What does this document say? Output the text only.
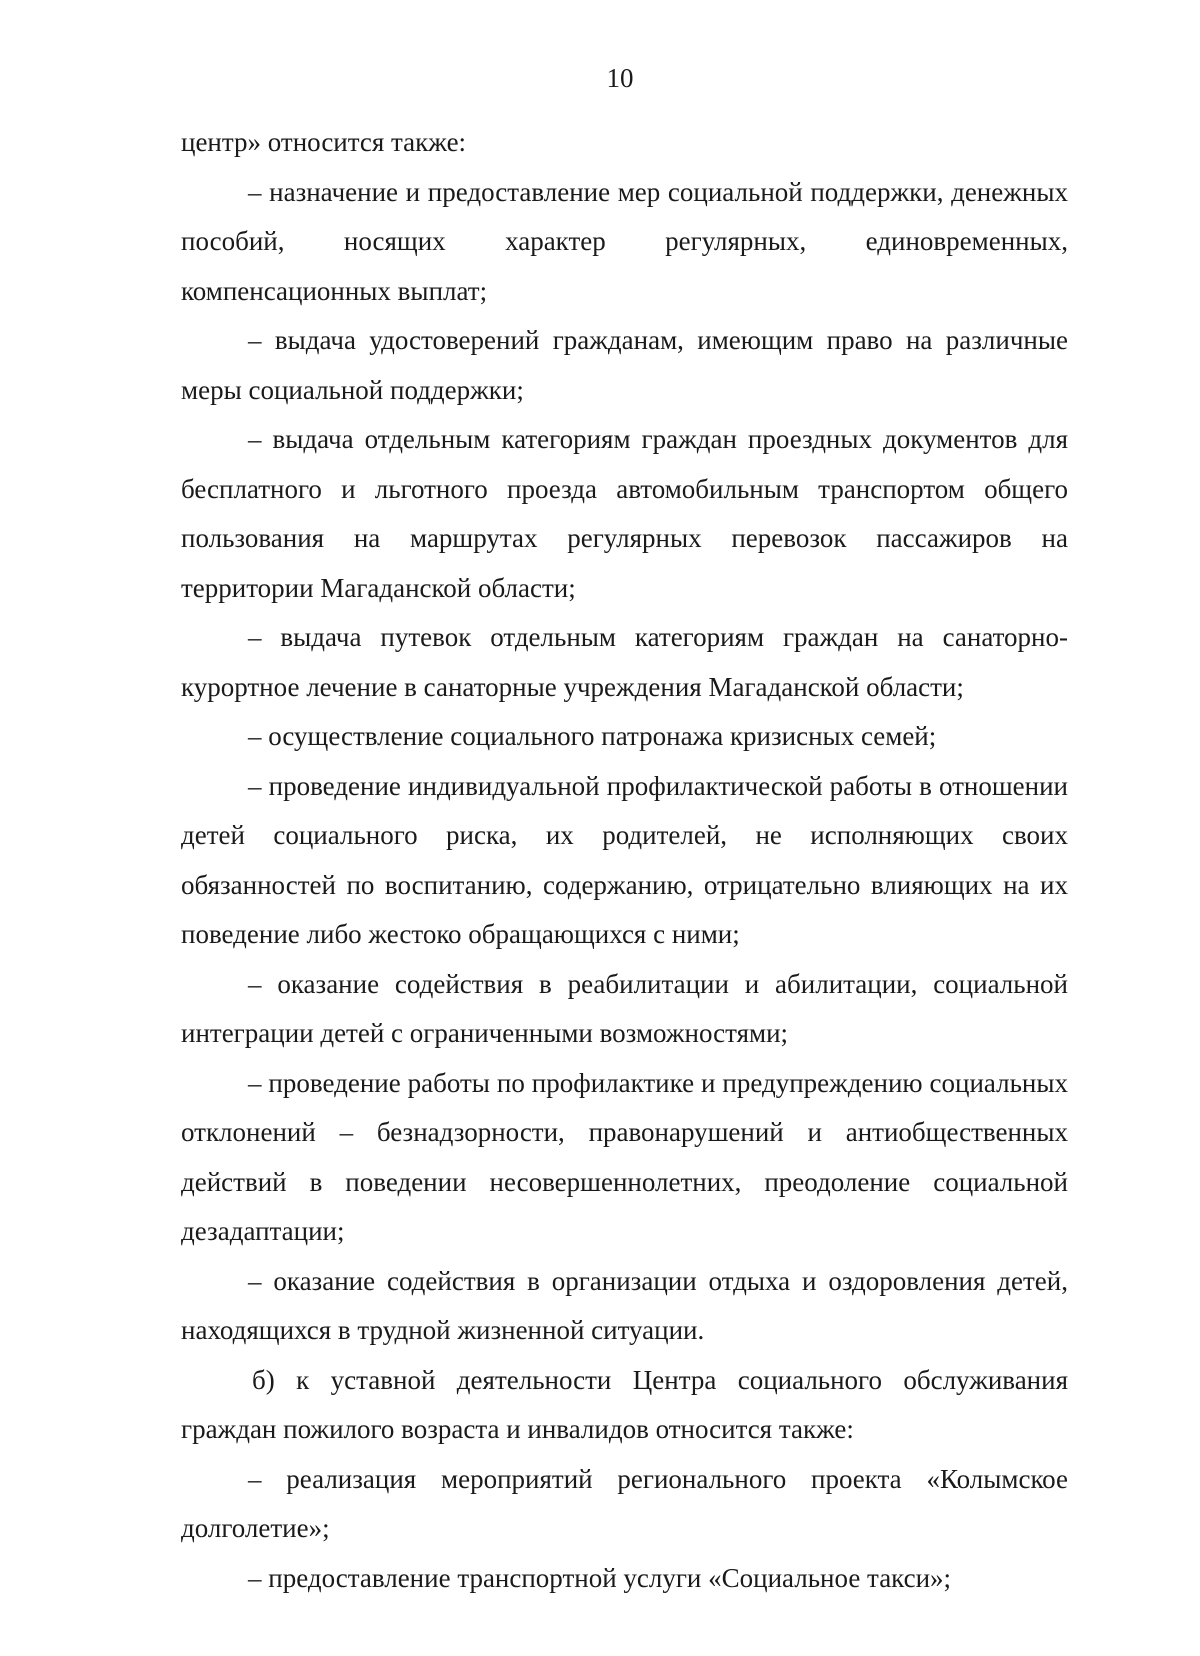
10

центр» относится также:

– назначение и предоставление мер социальной поддержки, денежных пособий, носящих характер регулярных, единовременных, компенсационных выплат;

– выдача удостоверений гражданам, имеющим право на различные меры социальной поддержки;

– выдача отдельным категориям граждан проездных документов для бесплатного и льготного проезда автомобильным транспортом общего пользования на маршрутах регулярных перевозок пассажиров на территории Магаданской области;

– выдача путевок отдельным категориям граждан на санаторно-курортное лечение в санаторные учреждения Магаданской области;

– осуществление социального патронажа кризисных семей;

– проведение индивидуальной профилактической работы в отношении детей социального риска, их родителей, не исполняющих своих обязанностей по воспитанию, содержанию, отрицательно влияющих на их поведение либо жестоко обращающихся с ними;

– оказание содействия в реабилитации и абилитации, социальной интеграции детей с ограниченными возможностями;

– проведение работы по профилактике и предупреждению социальных отклонений – безнадзорности, правонарушений и антиобщественных действий в поведении несовершеннолетних, преодоление социальной дезадаптации;

– оказание содействия в организации отдыха и оздоровления детей, находящихся в трудной жизненной ситуации.

б) к уставной деятельности Центра социального обслуживания граждан пожилого возраста и инвалидов относится также:

– реализация мероприятий регионального проекта «Колымское долголетие»;

– предоставление транспортной услуги «Социальное такси»;
